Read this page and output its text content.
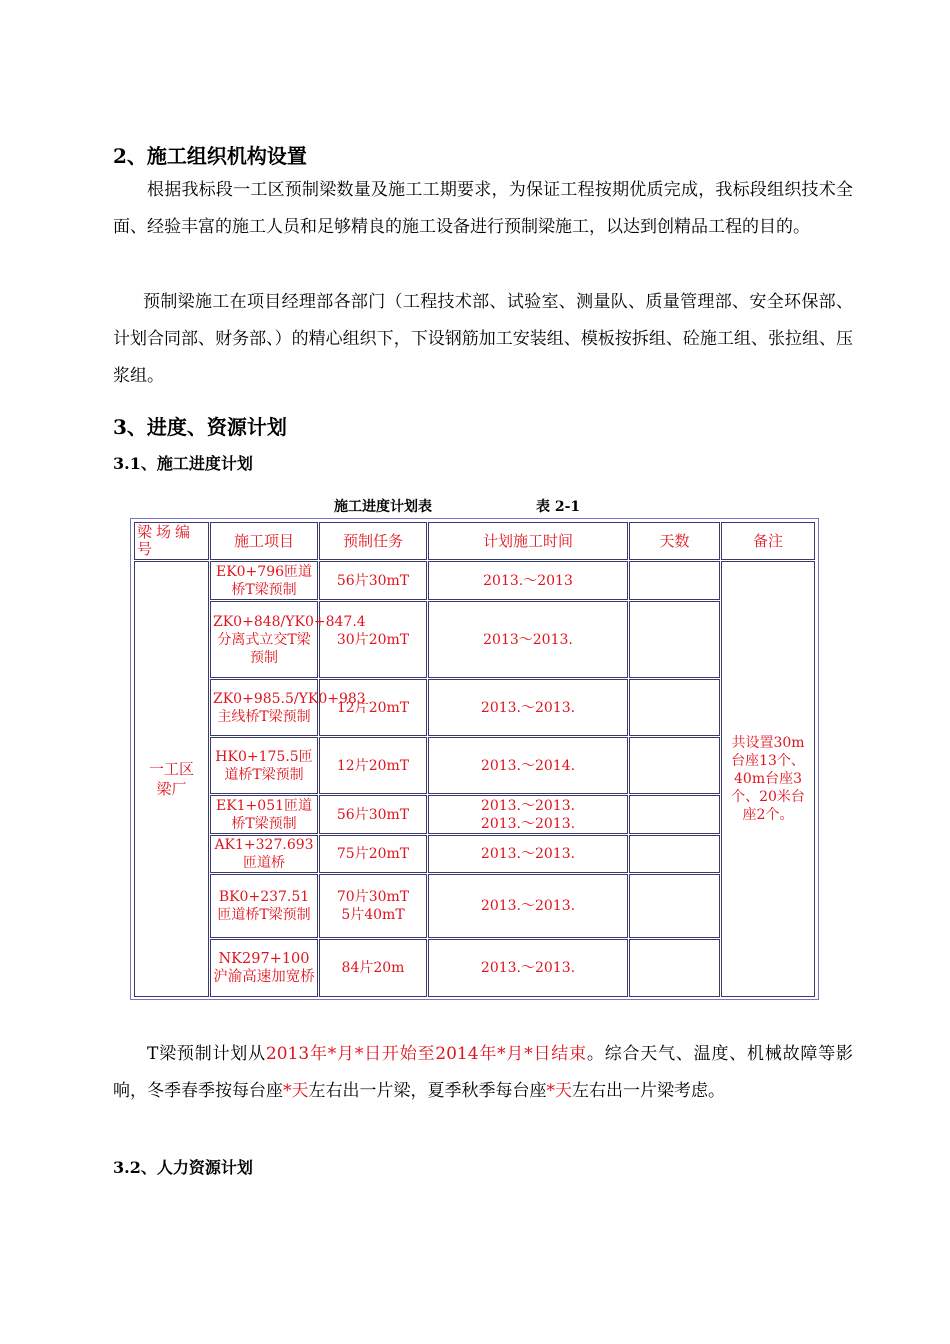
2、施工组织机构设置

根据我标段一工区预制梁数量及施工工期要求，为保证工程按期优质完成，我标段组织技术全面、经验丰富的施工人员和足够精良的施工设备进行预制梁施工，以达到创精品工程的目的。

预制梁施工在项目经理部各部门（工程技术部、试验室、测量队、质量管理部、安全环保部、计划合同部、财务部、）的精心组织下，下设钢筋加工安装组、模板按拆组、砼施工组、张拉组、压浆组。

3、进度、资源计划
3.1、施工进度计划
施工进度计划表	表 2-1
梁场编号	施工项目	预制任务	计划施工时间	天数	备注
一工区梁厂	EK0+796匝道桥T梁预制	56片30mT	2013.～2013		共设置30m台座13个、40m台座3个、20米台座2个。
	ZK0+848/YK0+847.4分离式立交T梁预制	30片20mT	2013～2013.		
	ZK0+985.5/YK0+983主线桥T梁预制	12片20mT	2013.～2013.		
	HK0+175.5匝道桥T梁预制	12片20mT	2013.～2014.		
	EK1+051匝道桥T梁预制	56片30mT	2013.～2013.
2013.～2013.		

	AK1+327.693匝道桥	75片20mT	2013.～2013.		
	BK0+237.51匝道桥T梁预制	70片30mT
5片40mT	2013.～2013.		
	NK297+100沪渝高速加宽桥	84片20m	2013.～2013.		

T梁预制计划从2013年*月*日开始至2014年*月*日结束。综合天气、温度、机械故障等影响，冬季春季按每台座*天左右出一片梁，夏季秋季每台座*天左右出一片梁考虑。

3.2、人力资源计划
